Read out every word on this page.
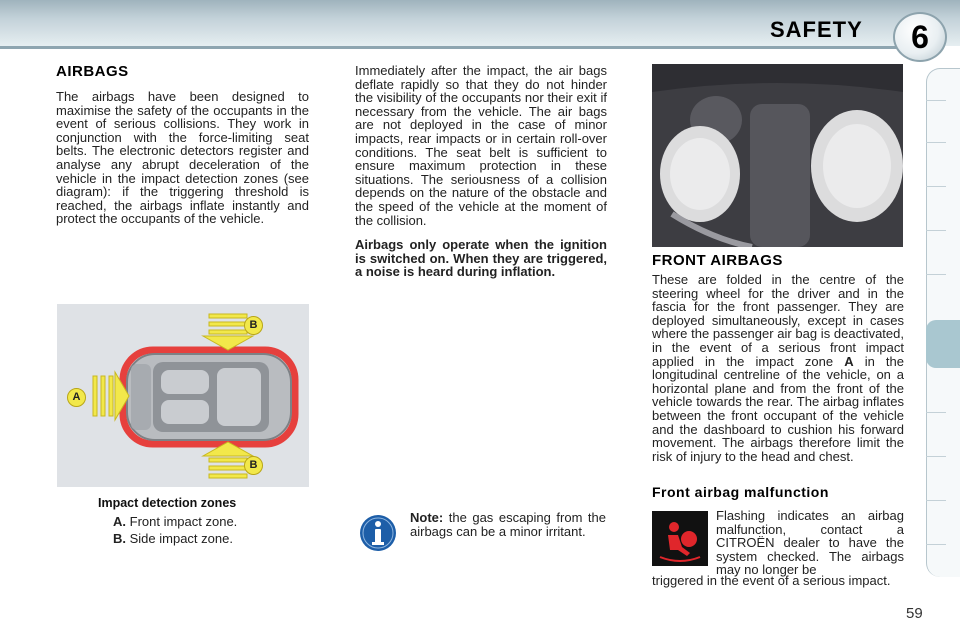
SAFETY	6
AIRBAGS
The airbags have been designed to maximise the safety of the occupants in the event of serious collisions. They work in conjunction with the force-limiting seat belts. The electronic detectors register and analyse any abrupt deceleration of the vehicle in the impact detection zones (see diagram): if the triggering threshold is reached, the airbags inflate instantly and protect the occupants of the vehicle.
A
B
B
Impact detection zones
A. Front impact zone.
B. Side impact zone.
Immediately after the impact, the air bags deflate rapidly so that they do not hinder the visibility of the occupants nor their exit if necessary from the vehicle. The air bags are not deployed in the case of minor impacts, rear impacts or in certain roll-over conditions. The seat belt is sufficient to ensure maximum protection in these situations. The seriousness of a collision depends on the nature of the obstacle and the speed of the vehicle at the moment of the collision.
Airbags only operate when the ignition is switched on. When they are triggered, a noise is heard during inflation.
Note: the gas escaping from the airbags can be a minor irritant.
FRONT AIRBAGS
These are folded in the centre of the steering wheel for the driver and in the fascia for the front passenger. They are deployed simultaneously, except in cases where the passenger air bag is deactivated, in the event of a serious front impact applied in the impact zone A in the longitudinal centreline of the vehicle, on a horizontal plane and from the front of the vehicle towards the rear. The airbag inflates between the front occupant of the vehicle and the dashboard to cushion his forward movement. The airbags therefore limit the risk of injury to the head and chest.
Front airbag malfunction
Flashing indicates an airbag malfunction, contact a CITROËN dealer to have the system checked. The airbags may no longer be
triggered in the event of a serious impact.
59
